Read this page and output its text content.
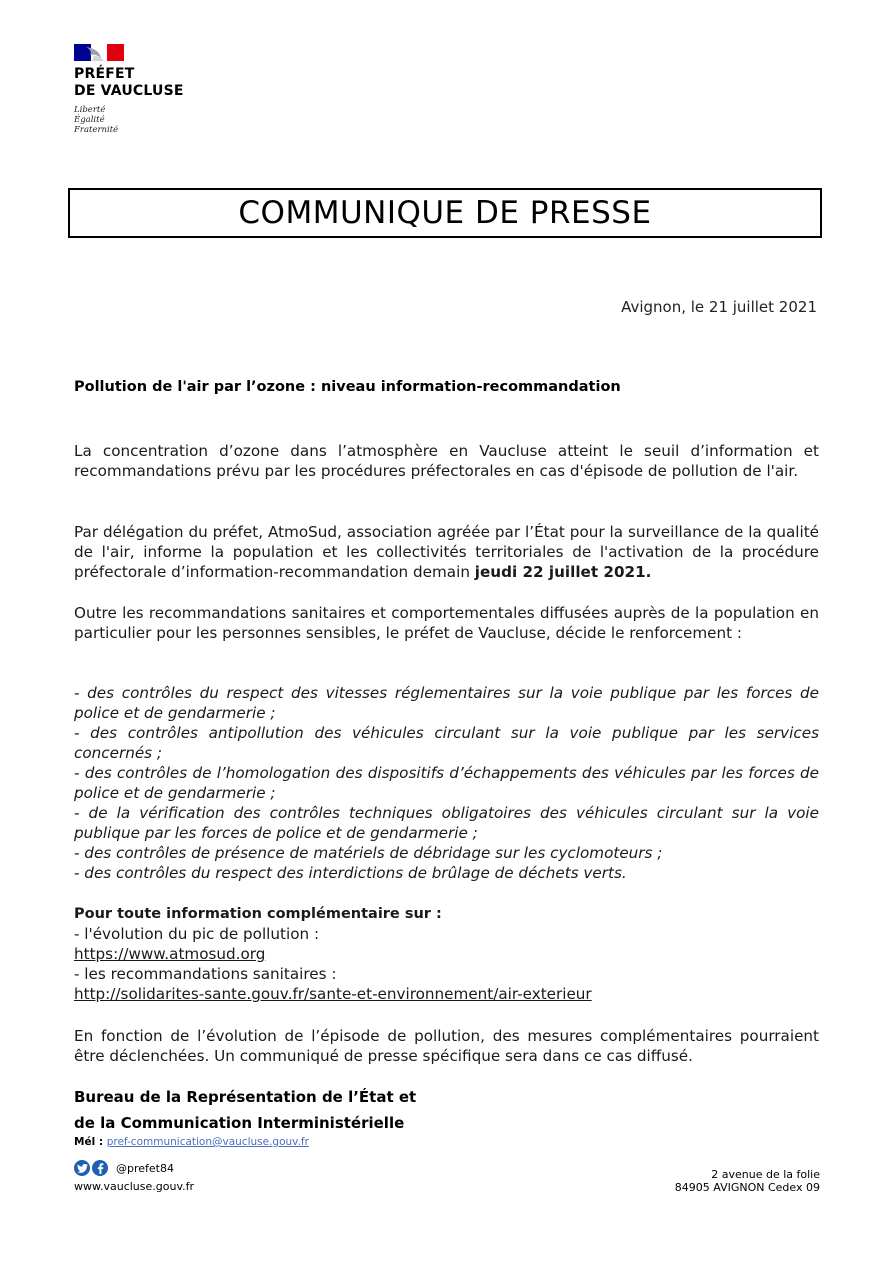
PRÉFET
DE VAUCLUSE
Liberté
Égalité
Fraternité
COMMUNIQUE DE PRESSE
Avignon, le 21 juillet 2021
Pollution de l'air par l’ozone : niveau information-recommandation
La concentration d’ozone dans l’atmosphère en Vaucluse atteint le seuil d’information et recommandations prévu par les procédures préfectorales en cas d'épisode de pollution de l'air.
Par délégation du préfet, AtmoSud, association agréée par l’État pour la surveillance de la qualité de l'air, informe la population et les collectivités territoriales de l'activation de la procédure préfectorale d’information-recommandation demain jeudi 22 juillet 2021.
Outre les recommandations sanitaires et comportementales diffusées auprès de la population en particulier pour les personnes sensibles, le préfet de Vaucluse, décide le renforcement :

- des contrôles du respect des vitesses réglementaires sur la voie publique par les forces de police et de gendarmerie ;

- des contrôles antipollution des véhicules circulant sur la voie publique par les services concernés ;

- des contrôles de l’homologation des dispositifs d’échappements des véhicules par les forces de police et de gendarmerie ;

- de la vérification des contrôles techniques obligatoires des véhicules circulant sur la voie publique par les forces de police et de gendarmerie ;

- des contrôles de présence de matériels de débridage sur les cyclomoteurs ;

- des contrôles du respect des interdictions de brûlage de déchets verts.

Pour toute information complémentaire sur :
- l'évolution du pic de pollution :
https://www.atmosud.org
- les recommandations sanitaires :
http://solidarites-sante.gouv.fr/sante-et-environnement/air-exterieur
En fonction de l’évolution de l’épisode de pollution, des mesures complémentaires pourraient être déclenchées. Un communiqué de presse spécifique sera dans ce cas diffusé.
Bureau de la Représentation de l’État et
de la Communication Interministérielle
Mél : pref-communication@vaucluse.gouv.fr
@prefet84
www.vaucluse.gouv.fr
2 avenue de la folie
84905 AVIGNON Cedex 09
